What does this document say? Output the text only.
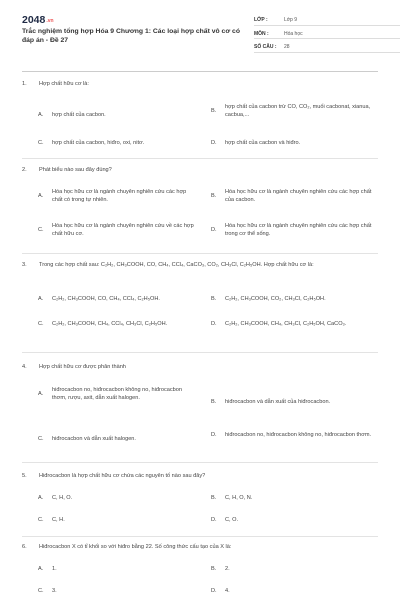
$2048^{.vn}$
Trắc nghiệm tổng hợp Hóa 9 Chương 1: Các loại hợp chất vô cơ có đáp án - Đề 27
LỚP :	Lớp 9
MÔN :	Hóa học
SỐ CÂU :	28
1.	Hợp chất hữu cơ là:
A.	hợp chất của cacbon.
B.
hợp chất của cacbon trừ CO, CO₂, muối cacbonat, xianua, cacbua,...
C.	hợp chất của cacbon, hiđro, oxi, nitơ.	D.	hợp chất của cacbon và hiđro.
2.	Phát biểu nào sau đây đúng?
A.
Hóa học hữu cơ là ngành chuyên nghiên cứu các hợp chất có trong tự nhiên.
B.
Hóa học hữu cơ là ngành chuyên nghiên cứu các hợp chất của cacbon.
C.
Hóa học hữu cơ là ngành chuyên nghiên cứu về các hợp chất hữu cơ.
D.
Hóa học hữu cơ là ngành chuyên nghiên cứu các hợp chất trong cơ thể sống.
3.	Trong các hợp chất sau: C₂H₂, CH₃COOH, CO, CH₄, CCl₄, CaCO₃, CO₂, CH₃Cl, C₂H₅OH. Hợp chất hữu cơ là:
A.	C₂H₂, CH₃COOH, CO, CH₄, CCl₄, C₂H₅OH.	B.	C₂H₂, CH₃COOH, CO₂, CH₃Cl, C₂H₅OH.
C.	C₂H₂, CH₃COOH, CH₄, CCl₄, CH₃Cl, C₂H₅OH.	D.	C₂H₂, CH₃COOH, CH₄, CH₃Cl, C₂H₅OH, CaCO₃.
4.	Hợp chất hữu cơ được phân thành
A.
hiđrocacbon no, hiđrocacbon không no, hiđrocacbon thơm, rượu, axit, dẫn xuất halogen.
B.	hiđrocacbon và dẫn xuất của hiđrocacbon.
C.	hiđrocacbon và dẫn xuất halogen.
D.	hiđrocacbon no, hiđrocacbon không no, hiđrocacbon thơm.
5.	Hiđrocacbon là hợp chất hữu cơ chứa các nguyên tố nào sau đây?
A.	C, H, O.	B.	C, H, O, N.
C.	C, H.	D.	C, O.
6.	Hiđrocacbon X có tỉ khối so với hiđro bằng 22. Số công thức cấu tạo của X là:
A.	1.	B.	2.
C.	3.	D.	4.
